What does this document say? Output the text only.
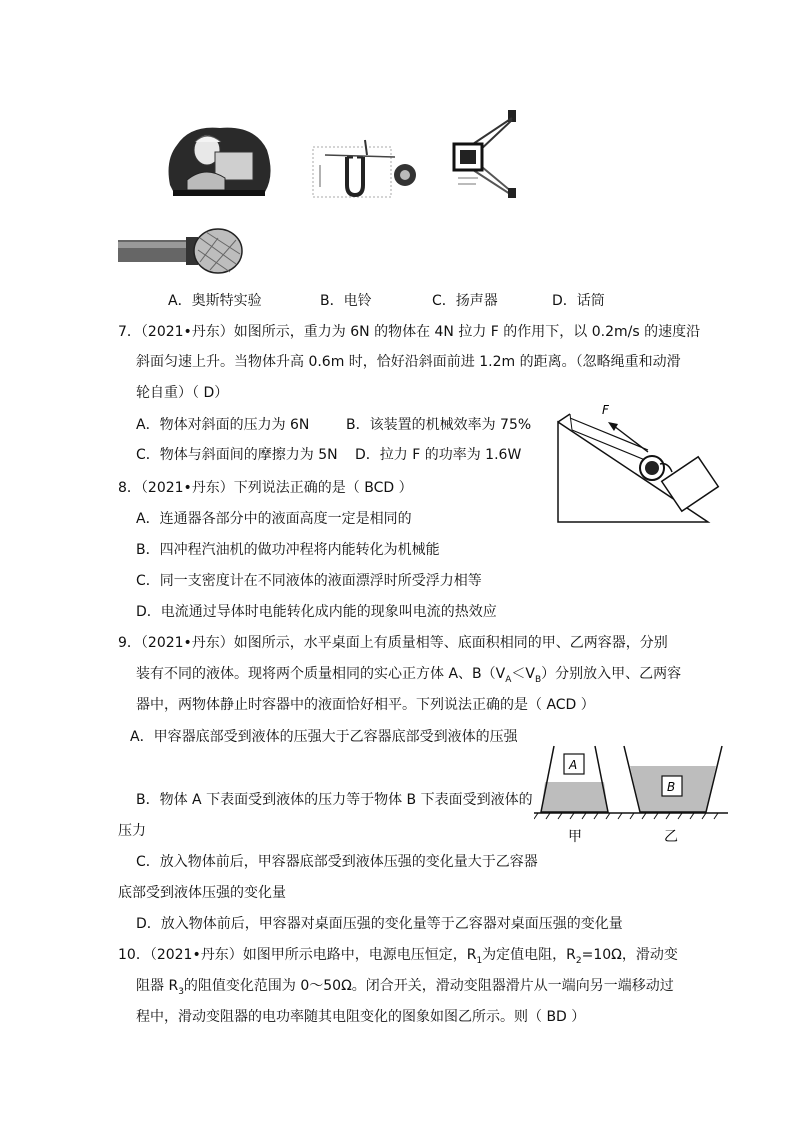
A．奥斯特实验	B．电铃	C．扬声器	D．话筒
7．（2021•丹东）如图所示，重力为 6N 的物体在 4N 拉力 F 的作用下，以 0.2m/s 的速度沿
斜面匀速上升。当物体升高 0.6m 时，恰好沿斜面前进 1.2m 的距离。（忽略绳重和动滑
轮自重）（ D）
A．物体对斜面的压力为 6N	B．该装置的机械效率为 75%
C．物体与斜面间的摩擦力为 5N D．拉力 F 的功率为 1.6W
F
8．（2021•丹东）下列说法正确的是（ BCD ）
A．连通器各部分中的液面高度一定是相同的
B．四冲程汽油机的做功冲程将内能转化为机械能
C．同一支密度计在不同液体的液面漂浮时所受浮力相等
D．电流通过导体时电能转化成内能的现象叫电流的热效应
9．（2021•丹东）如图所示，水平桌面上有质量相等、底面积相同的甲、乙两容器，分别
装有不同的液体。现将两个质量相同的实心正方体 A、$B(V_A<V_B)$分别放入甲、乙两容
器中，两物体静止时容器中的液面恰好相平。下列说法正确的是（ ACD ）
A．甲容器底部受到液体的压强大于乙容器底部受到液体的压强
B．物体 A 下表面受到液体的压力等于物体 B 下表面受到液体的
压力
C．放入物体前后，甲容器底部受到液体压强的变化量大于乙容器
底部受到液体压强的变化量
D．放入物体前后，甲容器对桌面压强的变化量等于乙容器对桌面压强的变化量
A
B
甲	乙
10．（2021•丹东）如图甲所示电路中，电源电压恒定，$R_1$为定值电阻，$R_2=10\Omega$，滑动变
阻器 $R_3$的阻值变化范围为 0～50Ω。闭合开关，滑动变阻器滑片从一端向另一端移动过
程中，滑动变阻器的电功率随其电阻变化的图象如图乙所示。则（ BD ）
